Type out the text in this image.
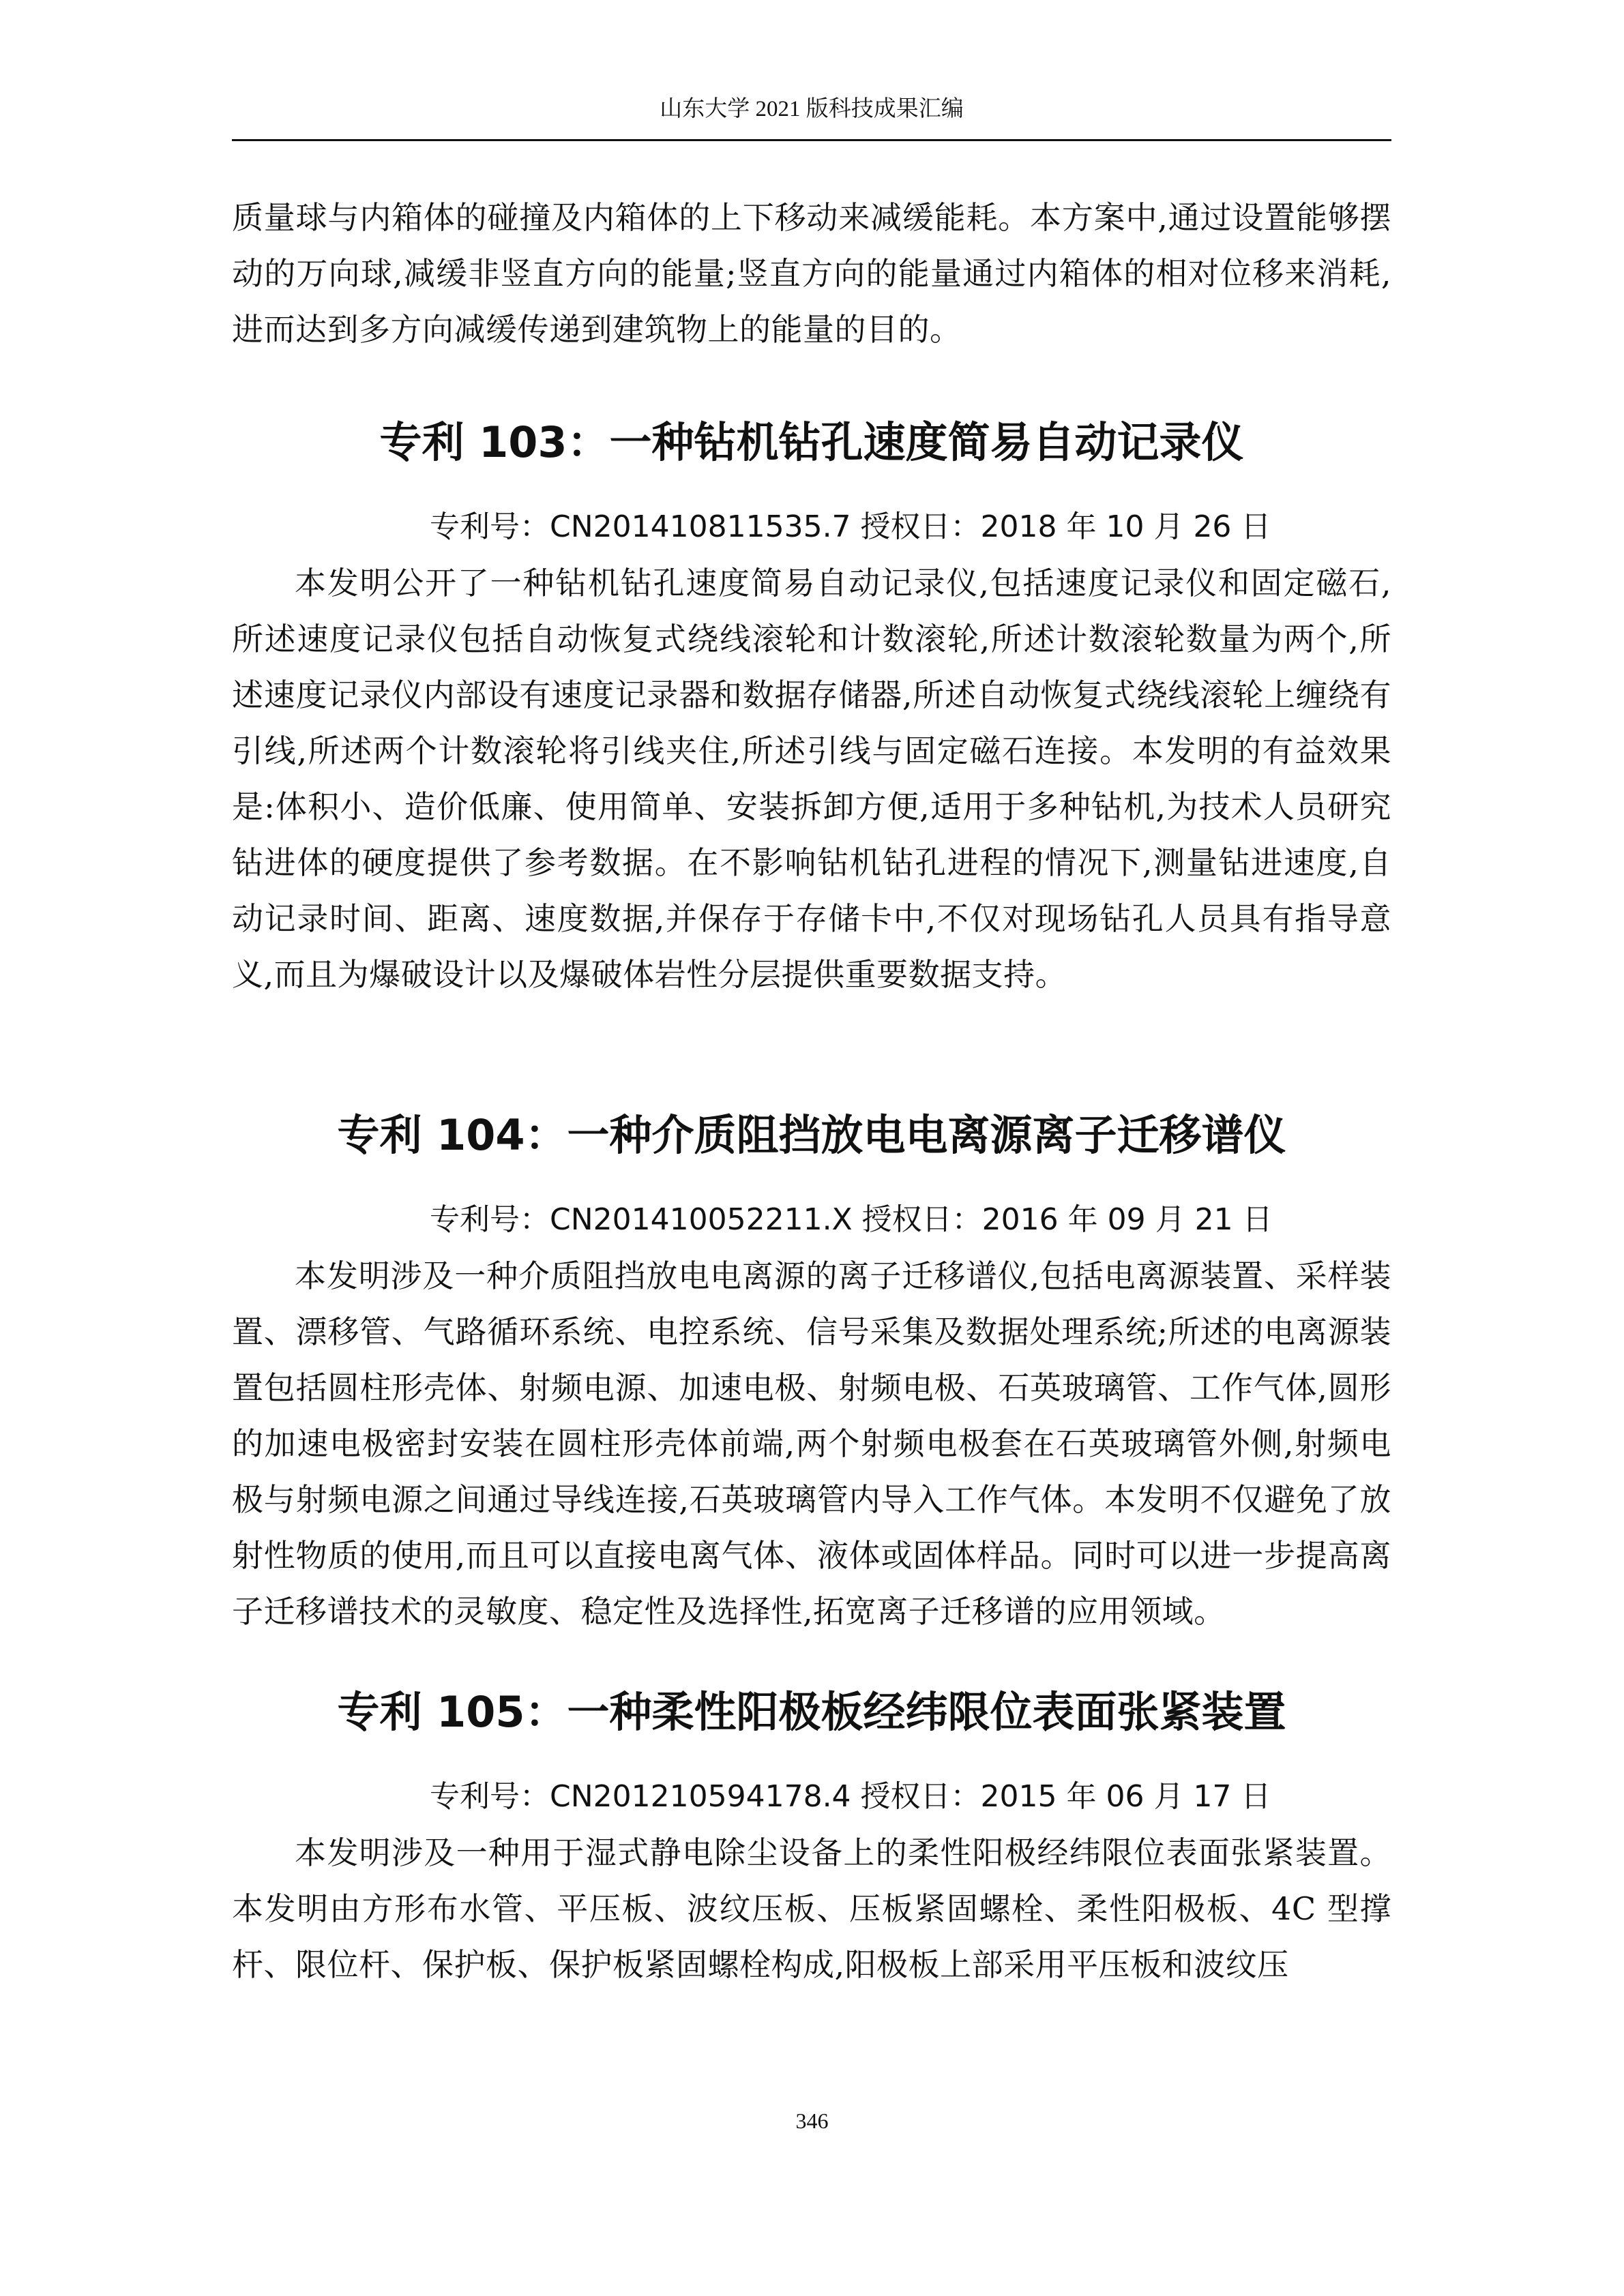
山东大学 2021 版科技成果汇编

质量球与内箱体的碰撞及内箱体的上下移动来减缓能耗。本方案中,通过设置能够摆动的万向球,减缓非竖直方向的能量;竖直方向的能量通过内箱体的相对位移来消耗,进而达到多方向减缓传递到建筑物上的能量的目的。

专利 103：一种钻机钻孔速度简易自动记录仪

专利号：CN201410811535.7 授权日：2018 年 10 月 26 日

本发明公开了一种钻机钻孔速度简易自动记录仪,包括速度记录仪和固定磁石,所述速度记录仪包括自动恢复式绕线滚轮和计数滚轮,所述计数滚轮数量为两个,所述速度记录仪内部设有速度记录器和数据存储器,所述自动恢复式绕线滚轮上缠绕有引线,所述两个计数滚轮将引线夹住,所述引线与固定磁石连接。本发明的有益效果是:体积小、造价低廉、使用简单、安装拆卸方便,适用于多种钻机,为技术人员研究钻进体的硬度提供了参考数据。在不影响钻机钻孔进程的情况下,测量钻进速度,自动记录时间、距离、速度数据,并保存于存储卡中,不仅对现场钻孔人员具有指导意义,而且为爆破设计以及爆破体岩性分层提供重要数据支持。

专利 104：一种介质阻挡放电电离源离子迁移谱仪

专利号：CN201410052211.X 授权日：2016 年 09 月 21 日

本发明涉及一种介质阻挡放电电离源的离子迁移谱仪,包括电离源装置、采样装置、漂移管、气路循环系统、电控系统、信号采集及数据处理系统;所述的电离源装置包括圆柱形壳体、射频电源、加速电极、射频电极、石英玻璃管、工作气体,圆形的加速电极密封安装在圆柱形壳体前端,两个射频电极套在石英玻璃管外侧,射频电极与射频电源之间通过导线连接,石英玻璃管内导入工作气体。本发明不仅避免了放射性物质的使用,而且可以直接电离气体、液体或固体样品。同时可以进一步提高离子迁移谱技术的灵敏度、稳定性及选择性,拓宽离子迁移谱的应用领域。

专利 105：一种柔性阳极板经纬限位表面张紧装置

专利号：CN201210594178.4 授权日：2015 年 06 月 17 日

本发明涉及一种用于湿式静电除尘设备上的柔性阳极经纬限位表面张紧装置。本发明由方形布水管、平压板、波纹压板、压板紧固螺栓、柔性阳极板、4C 型撑杆、限位杆、保护板、保护板紧固螺栓构成,阳极板上部采用平压板和波纹压

346
